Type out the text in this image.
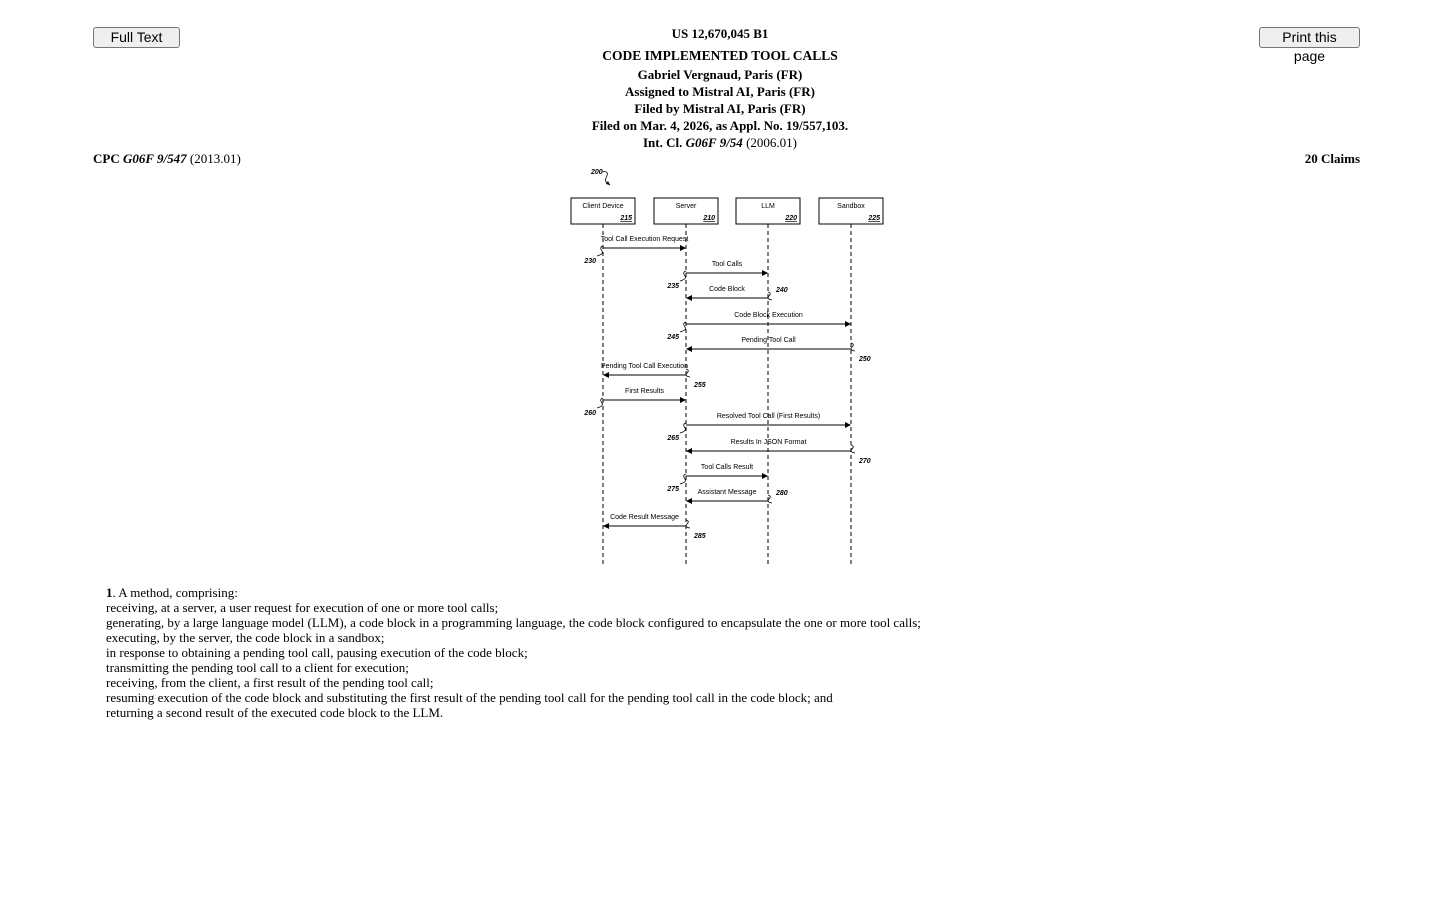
Full Text	Print this page
US 12,670,045 B1
CODE IMPLEMENTED TOOL CALLS
Gabriel Vergnaud, Paris (FR)
Assigned to Mistral AI, Paris (FR)
Filed by Mistral AI, Paris (FR)
Filed on Mar. 4, 2026, as Appl. No. 19/557,103.
Int. Cl. G06F 9/54 (2006.01)
CPC G06F 9/547 (2013.01)	20 Claims
200
Client Device
215
Server
210
LLM
220
Sandbox
225
Tool Call Execution Request
230	Tool Calls
235	Code Block	240
Code Block Execution
245	Pending Tool Call
250
Pending Tool Call Execution
255
First Results
260	Resolved Tool Call (First Results)
265
Results In JSON Format
270
Tool Calls Result
275	Assistant Message	280
Code Result Message
285
1. A method, comprising:
receiving, at a server, a user request for execution of one or more tool calls;
generating, by a large language model (LLM), a code block in a programming language, the code block configured to encapsulate the one or more tool calls;
executing, by the server, the code block in a sandbox;
in response to obtaining a pending tool call, pausing execution of the code block;
transmitting the pending tool call to a client for execution;
receiving, from the client, a first result of the pending tool call;
resuming execution of the code block and substituting the first result of the pending tool call for the pending tool call in the code block; and
returning a second result of the executed code block to the LLM.
